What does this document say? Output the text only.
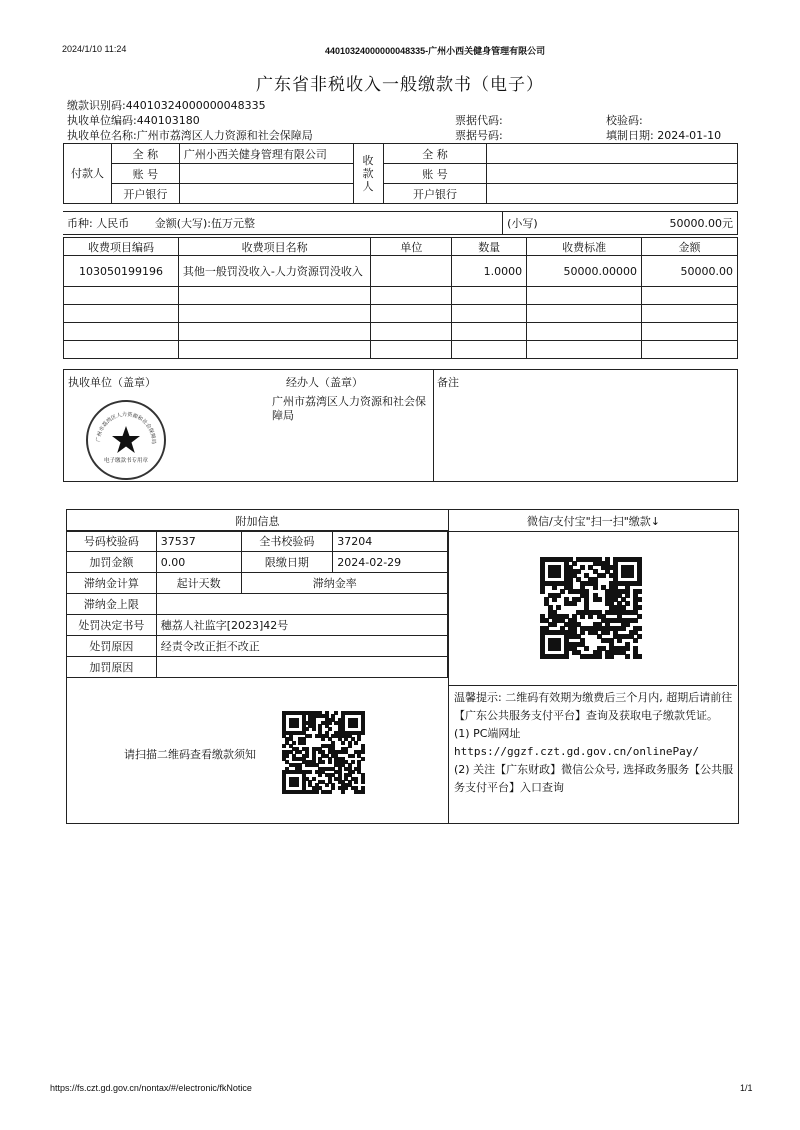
2024/1/10 11:24	44010324000000048335-广州小西关健身管理有限公司
广东省非税收入一般缴款书（电子）
缴款识别码:44010324000000048335
执收单位编码:440103180
执收单位名称:广州市荔湾区人力资源和社会保障局
票据代码:
票据号码:
校验码:
填制日期: 2024-01-10
付款人	全 称	广州小西关健身管理有限公司	收款人	全 称	
	账 号			账 号	
	开户银行			开户银行	
币种: 人民币 金额(大写):伍万元整	(小写)	50000.00元
收费项目编码	收费项目名称	单位	数量	收费标准	金额
103050199196	其他一般罚没收入-人力资源罚没收入		1.0000	50000.00000	50000.00

执收单位（盖章）	经办人（盖章）
广州市荔湾区人力资源和社会保障局
备注
广州市荔湾区人力资源和社会保障局
电子缴款书专用章
附加信息	微信/支付宝"扫一扫"缴款↓
号码校验码	37537	全书校验码	37204
加罚金额	0.00	限缴日期	2024-02-29
滞纳金计算	起计天数		滞纳金率
滞纳金上限			
处罚决定书号	穗荔人社监字[2023]42号		
处罚原因	经责令改正拒不改正		
加罚原因			
请扫描二维码查看缴款须知

温馨提示: 二维码有效期为缴费后三个月内, 超期后请前往【广东公共服务支付平台】查询及获取电子缴款凭证。

(1) PC端网址

https://ggzf.czt.gd.gov.cn/onlinePay/

(2) 关注【广东财政】微信公众号, 选择政务服务【公共服务支付平台】入口查询

https://fs.czt.gd.gov.cn/nontax/#/electronic/fkNotice	1/1
